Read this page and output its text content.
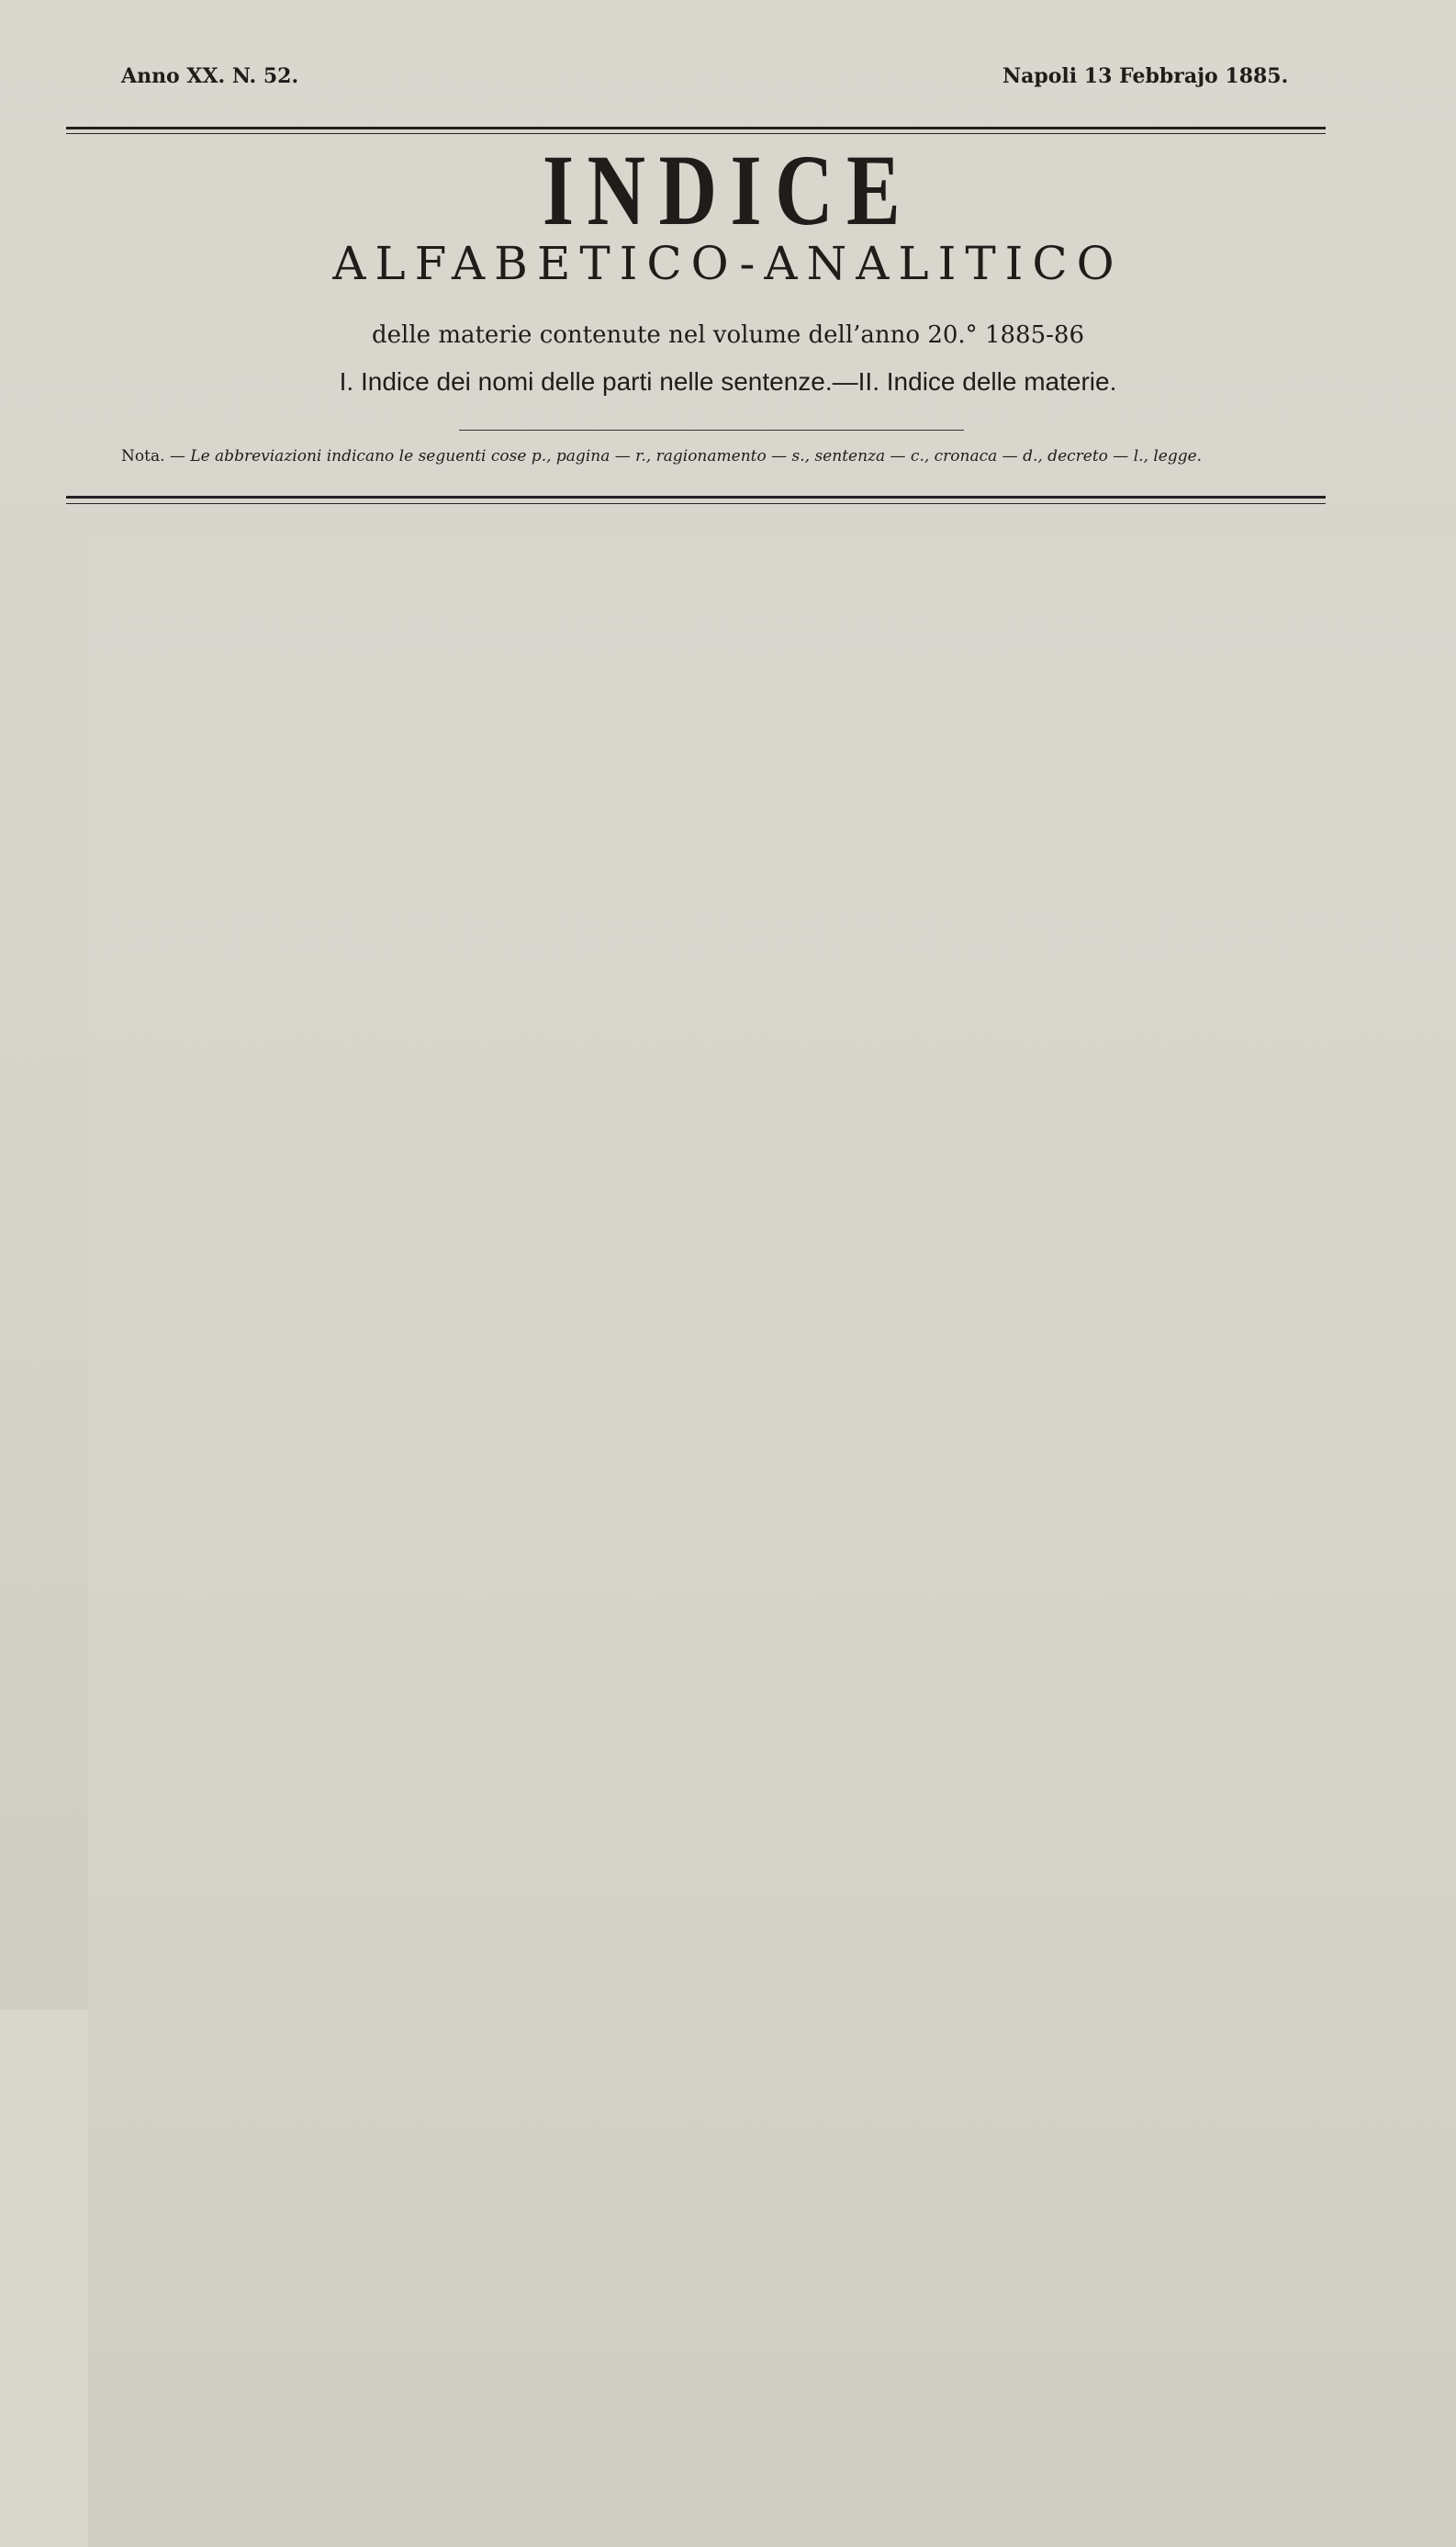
Anno XX. N. 52.	Napoli 13 Febbrajo 1885.
INDICE
ALFABETICO-ANALITICO
delle materie contenute nel volume dell’anno 20.° 1885-86
I. Indice dei nomi delle parti nelle sentenze.—II. Indice delle materie.
Nota. — Le abbreviazioni indicano le seguenti cose p., pagina — r., ragionamento — s., sentenza — c., cronaca — d., decreto — l., legge.
. . .
. . .
. . .
. . .
. . .
. . .
. . .
. . .
. . .
. . .
. . .
. . .
. . .
. . .
. . .
. . .
. . .
. . .
. . .
. . .
. . .
. . .
. . .
. . .
. . .
. . .
. . .
. . .
. . .
. . .
. . .
. . .
. . .
. . .
. . .
. . .
. . .
. . .
. . .
. . .
. . .
. . .
. . .
. . .
. . .
. . .
. . .
. . .
. . .
. . .
. . .
. . .
. . .
. . .
. . .
. . .
. . .
. . .
. . .
. . .
. . .
. . .
. . .
. . .
. . .
. . .
. . .
. . .
. . .
. . .
. . .
. . .
. . .
. . .
. . .
. . .
. . .
. . .
. . .
. . .
. . .
. . .
. . .
. . .
. . .
. . .
. . .
. . .
. . .
. . .
. . .
. . .
. . .
. . .
. . .
. . .
. . .
. . .
. . .
. . .
. . .
. . .
. . .
. . .
. . .
. . .
. . .
. . .
. . .
. . .
. . .
. . .
. . .
. . .
. . .
. . .
. . .
. . .
. . .
. . .
. . .
. . .
. . .
. . .
. . .
. . .
. . .
. . .
. . .
. . .
. . .
. . .
. . .
. . .
. . .
. . .
. . .
. . .
. . .
. . .
. . .
. . .
. . .
. . .
. . .
. . .
. . .
. . .
. . .
. . .
. . .
